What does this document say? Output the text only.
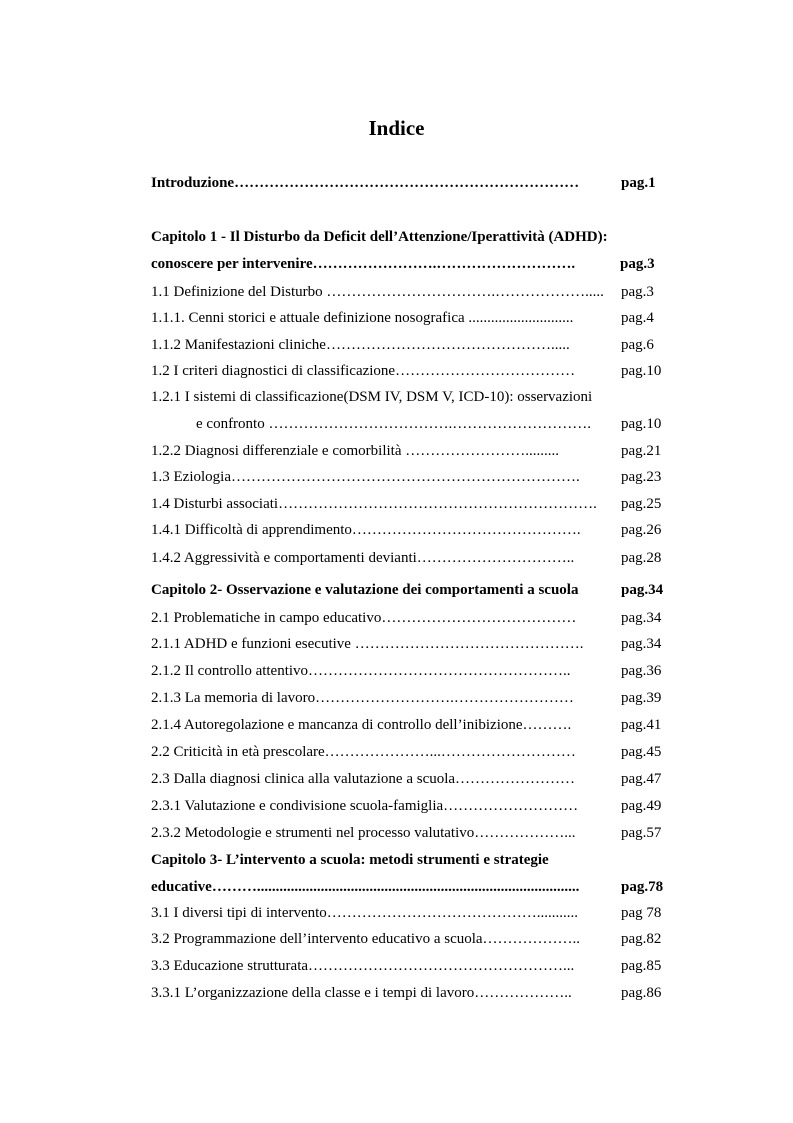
Indice
Introduzione……………………………………………………………	pag.1
Capitolo 1 - Il Disturbo da Deficit dell’Attenzione/Iperattività (ADHD):
conoscere per intervenire…………………….……………………….	pag.3
1.1 Definizione del Disturbo …………………………….………………..... pag.3
1.1.1. Cenni storici e attuale definizione nosografica ............................	pag.4
1.1.2 Manifestazioni cliniche……………………………………….....	pag.6
1.2 I criteri diagnostici di classificazione………………………………	pag.10
1.2.1 I sistemi di classificazione(DSM IV, DSM V, ICD-10): osservazioni
e confronto ……………………………….………………………. pag.10
1.2.2 Diagnosi differenziale e comorbilità …………………….........	pag.21
1.3 Eziologia…………………………………………………………….	pag.23
1.4 Disturbi associati………………………………………………………. pag.25
1.4.1 Difficoltà di apprendimento……………………………………….	pag.26
1.4.2 Aggressività e comportamenti devianti…………………………..	pag.28
Capitolo 2- Osservazione e valutazione dei comportamenti a scuola	pag.34
2.1 Problematiche in campo educativo…………………………………	pag.34
2.1.1 ADHD e funzioni esecutive ……………………………………….	pag.34
2.1.2 Il controllo attentivo……………………………………………..	pag.36
2.1.3 La memoria di lavoro……………………….……………………	pag.39
2.1.4 Autoregolazione e mancanza di controllo dell’inibizione……….	pag.41
2.2 Criticità in età prescolare…………………...………………………	pag.45
2.3 Dalla diagnosi clinica alla valutazione a scuola……………………	pag.47
2.3.1 Valutazione e condivisione scuola-famiglia………………………	pag.49
2.3.2 Metodologie e strumenti nel processo valutativo………………...	pag.57
Capitolo 3- L’intervento a scuola: metodi strumenti e strategie
educative………......................................................................................	pag.78
3.1 I diversi tipi di intervento……………………………………...........	pag 78
3.2 Programmazione dell’intervento educativo a scuola………………..	pag.82
3.3 Educazione strutturata……………………………………………...	pag.85
3.3.1 L’organizzazione della classe e i tempi di lavoro………………..	pag.86
